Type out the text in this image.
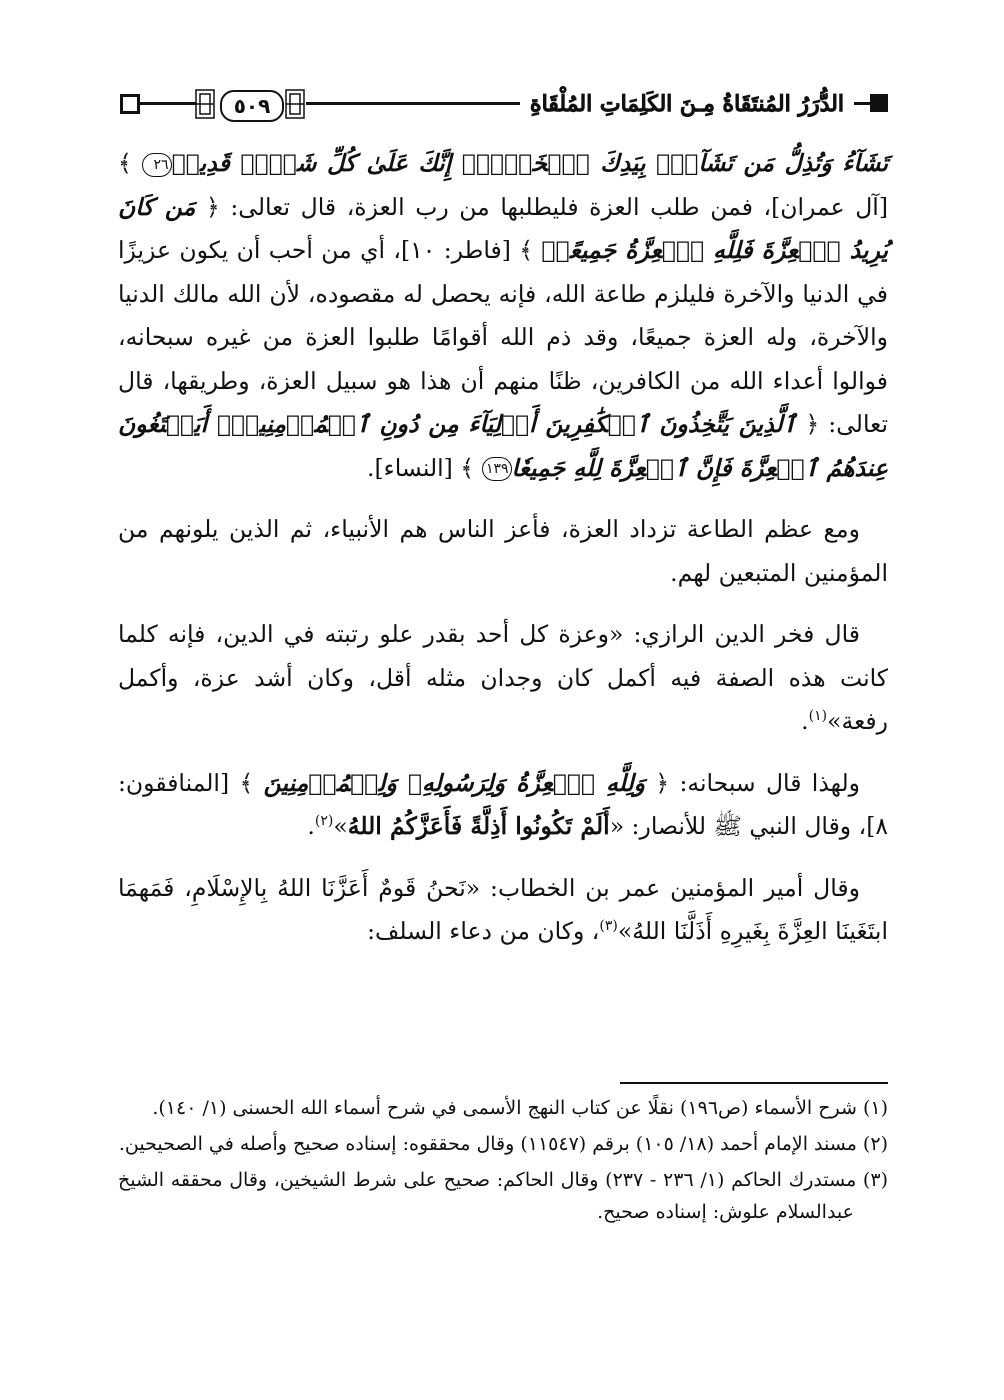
٥٠٩	الدُّرَرُ المُنتَقَاةُ مِـنَ الكَلِمَاتِ المُلْقَاةِ

تَشَآءُ وَتُذِلُّ مَن تَشَآءُۖ بِيَدِكَ ٱلۡخَيۡرُۖ إِنَّكَ عَلَىٰ كُلِّ شَيۡءٖ قَدِيرٞ٢٦ ﴾ [آل عمران]، فمن طلب العزة فليطلبها من رب العزة، قال تعالى: ﴿ مَن كَانَ يُرِيدُ ٱلۡعِزَّةَ فَلِلَّهِ ٱلۡعِزَّةُ جَمِيعًاۚ ﴾ [فاطر: ١٠]، أي من أحب أن يكون عزيزًا في الدنيا والآخرة فليلزم طاعة الله، فإنه يحصل له مقصوده، لأن الله مالك الدنيا والآخرة، وله العزة جميعًا، وقد ذم الله أقوامًا طلبوا العزة من غيره سبحانه، فوالوا أعداء الله من الكافرين، ظنًا منهم أن هذا هو سبيل العزة، وطريقها، قال تعالى: ﴿ ٱلَّذِينَ يَتَّخِذُونَ ٱلۡكَٰفِرِينَ أَوۡلِيَآءَ مِن دُونِ ٱلۡمُؤۡمِنِينَۚ أَيَبۡتَغُونَ عِندَهُمُ ٱلۡعِزَّةَ فَإِنَّ ٱلۡعِزَّةَ لِلَّهِ جَمِيعٗا١٣٩ ﴾ [النساء].

ومع عظم الطاعة تزداد العزة، فأعز الناس هم الأنبياء، ثم الذين يلونهم من المؤمنين المتبعين لهم.

قال فخر الدين الرازي: «وعزة كل أحد بقدر علو رتبته في الدين، فإنه كلما كانت هذه الصفة فيه أكمل كان وجدان مثله أقل، وكان أشد عزة، وأكمل رفعة»$^{(١)}$.

ولهذا قال سبحانه: ﴿ وَلِلَّهِ ٱلۡعِزَّةُ وَلِرَسُولِهِۦ وَلِلۡمُؤۡمِنِينَ ﴾ [المنافقون: ٨]، وقال النبي ﷺ للأنصار: «أَلَمْ تَكُونُوا أَذِلَّةً فَأَعَزَّكُمُ اللهُ»$^{(٢)}$.

وقال أمير المؤمنين عمر بن الخطاب: «نَحنُ قَومٌ أَعَزَّنَا اللهُ بِالإِسْلَامِ، فَمَهمَا ابتَغَينَا العِزَّةَ بِغَيرِهِ أَذَلَّنَا اللهُ»$^{(٣)}$، وكان من دعاء السلف:

(١) شرح الأسماء (ص١٩٦) نقلًا عن كتاب النهج الأسمى في شرح أسماء الله الحسنى (١/ ١٤٠).

(٢) مسند الإمام أحمد (١٨/ ١٠٥) برقم (١١٥٤٧) وقال محققوه: إسناده صحيح وأصله في الصحيحين.

(٣) مستدرك الحاكم (١/ ٢٣٦ - ٢٣٧) وقال الحاكم: صحيح على شرط الشيخين، وقال محققه الشيخ عبدالسلام علوش: إسناده صحيح.
